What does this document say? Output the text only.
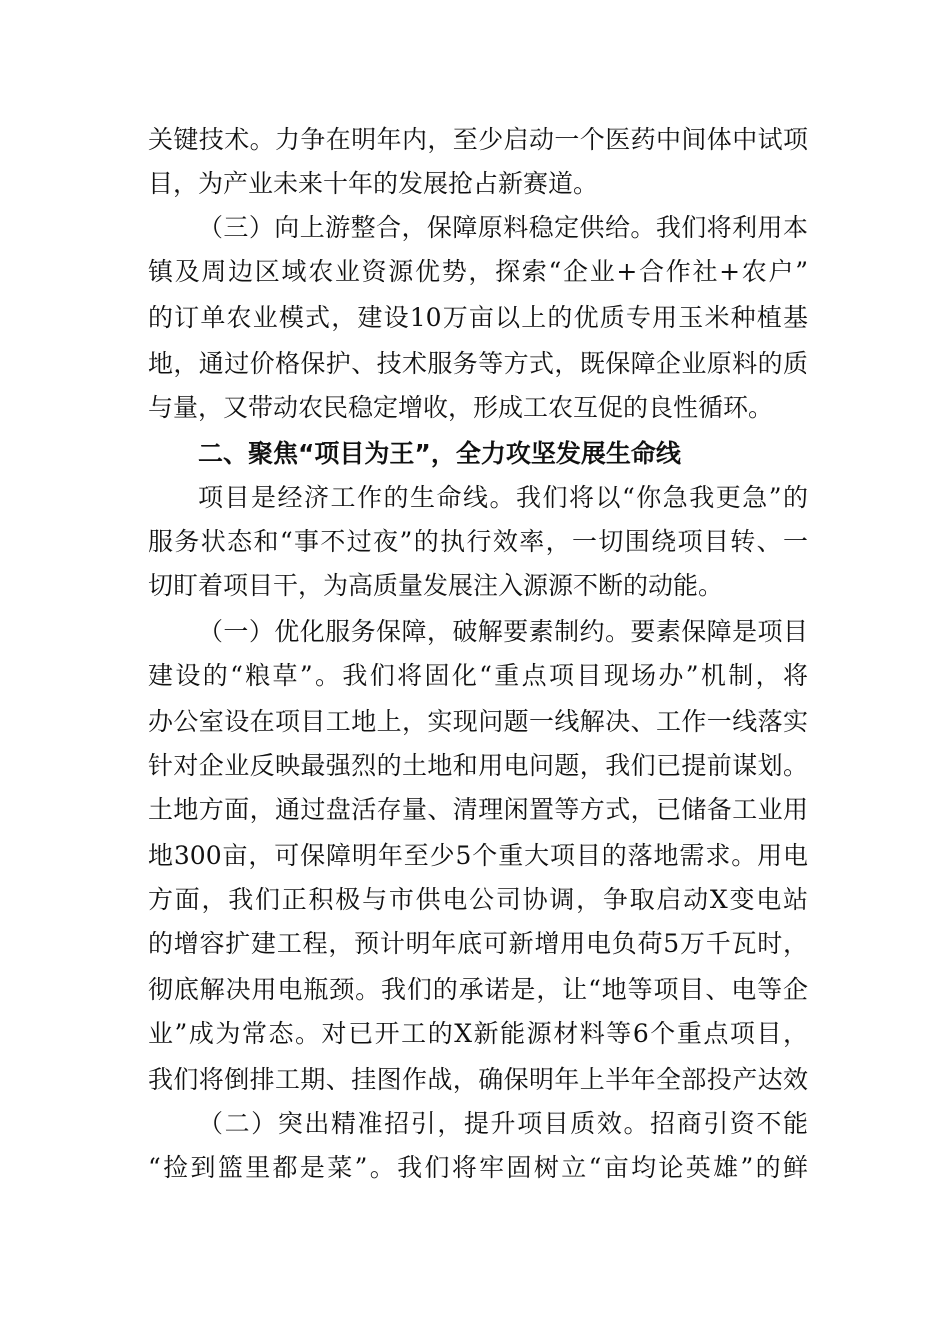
关键技术。力争在明年内，至少启动一个医药中间体中试项
目，为产业未来十年的发展抢占新赛道。
（三）向上游整合，保障原料稳定供给。我们将利用本
镇及周边区域农业资源优势，探索“企业+合作社+农户”
的订单农业模式，建设10万亩以上的优质专用玉米种植基
地，通过价格保护、技术服务等方式，既保障企业原料的质
与量，又带动农民稳定增收，形成工农互促的良性循环。
二、聚焦“项目为王”，全力攻坚发展生命线
项目是经济工作的生命线。我们将以“你急我更急”的
服务状态和“事不过夜”的执行效率，一切围绕项目转、一
切盯着项目干，为高质量发展注入源源不断的动能。
（一）优化服务保障，破解要素制约。要素保障是项目
建设的“粮草”。我们将固化“重点项目现场办”机制，将
办公室设在项目工地上，实现问题一线解决、工作一线落实
针对企业反映最强烈的土地和用电问题，我们已提前谋划。
土地方面，通过盘活存量、清理闲置等方式，已储备工业用
地300亩，可保障明年至少5个重大项目的落地需求。用电
方面，我们正积极与市供电公司协调，争取启动X变电站
的增容扩建工程，预计明年底可新增用电负荷5万千瓦时，
彻底解决用电瓶颈。我们的承诺是，让“地等项目、电等企
业”成为常态。对已开工的X新能源材料等6个重点项目，
我们将倒排工期、挂图作战，确保明年上半年全部投产达效
（二）突出精准招引，提升项目质效。招商引资不能
“捡到篮里都是菜”。我们将牢固树立“亩均论英雄”的鲜
